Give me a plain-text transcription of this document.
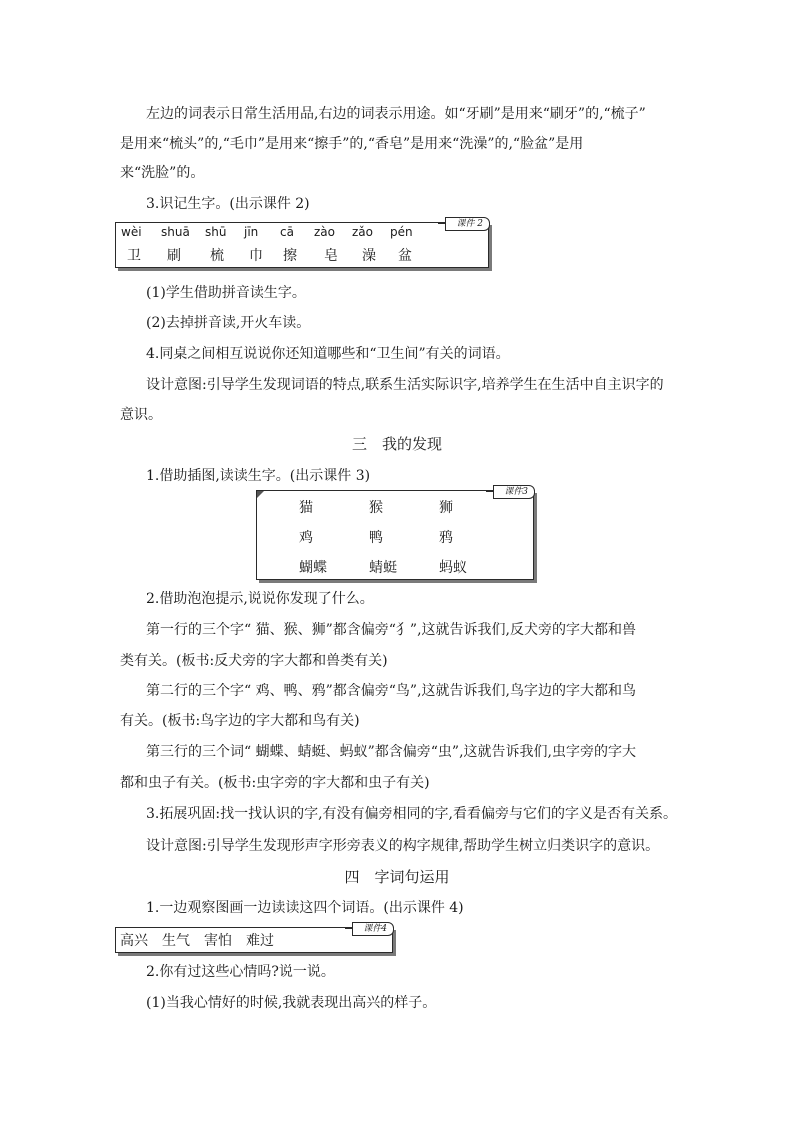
左边的词表示日常生活用品,右边的词表示用途。如“牙刷”是用来“刷牙”的,“梳子”
是用来“梳头”的,“毛巾”是用来“擦手”的,“香皂”是用来“洗澡”的,“脸盆”是用
来“洗脸”的。
3.识记生字。(出示课件 2)
课件 2
wèi shuā shū jīn cā zào zǎo pén
卫 刷 梳 巾 擦 皂 澡 盆
(1)学生借助拼音读生字。
(2)去掉拼音读,开火车读。
4.同桌之间相互说说你还知道哪些和“卫生间”有关的词语。
设计意图:引导学生发现词语的特点,联系生活实际识字,培养学生在生活中自主识字的
意识。
三　我的发现
1.借助插图,读读生字。(出示课件 3)
课件3
猫	猴	狮
鸡	鸭	鸦
蝴蝶	蜻蜓	蚂蚁
2.借助泡泡提示,说说你发现了什么。
第一行的三个字“ 猫、猴、狮”都含偏旁“犭”,这就告诉我们,反犬旁的字大都和兽
类有关。(板书:反犬旁的字大都和兽类有关)
第二行的三个字“ 鸡、鸭、鸦”都含偏旁“鸟”,这就告诉我们,鸟字边的字大都和鸟
有关。(板书:鸟字边的字大都和鸟有关)
第三行的三个词“ 蝴蝶、蜻蜓、蚂蚁”都含偏旁“虫”,这就告诉我们,虫字旁的字大
都和虫子有关。(板书:虫字旁的字大都和虫子有关)
3.拓展巩固:找一找认识的字,有没有偏旁相同的字,看看偏旁与它们的字义是否有关系。
设计意图:引导学生发现形声字形旁表义的构字规律,帮助学生树立归类识字的意识。
四　字词句运用
1.一边观察图画一边读读这四个词语。(出示课件 4)
课件4
高兴　生气　害怕　难过
2.你有过这些心情吗?说一说。
(1)当我心情好的时候,我就表现出高兴的样子。
